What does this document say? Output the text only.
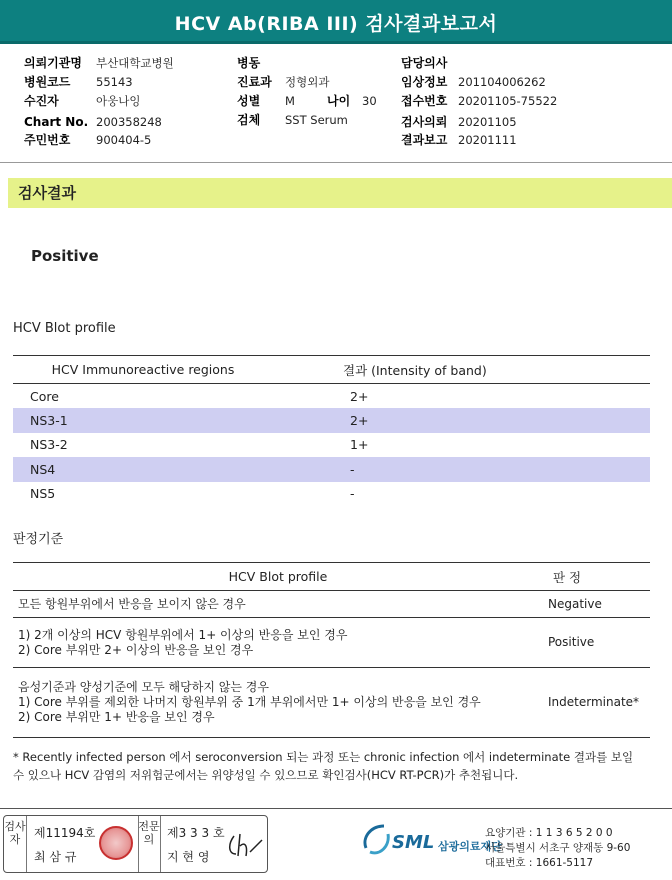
HCV Ab(RIBA III) 검사결과보고서
의뢰기관명 부산대학교병원
병원코드 55143
수진자	아웅나잉
Chart No. 200358248
주민번호 900404-5
병동
진료과 정형외과
성별 M	나이 30
검체 SST Serum
담당의사
임상정보 201104006262
접수번호 20201105-75522
검사의뢰 20201105
결과보고 20201111
검사결과
Positive
HCV Blot profile
HCV Immunoreactive regions	결과 (Intensity of band)
Core	2+
NS3-1	2+
NS3-2	1+
NS4	-
NS5	-
판정기준
HCV Blot profile	판 정

모든 항원부위에서 반응을 보이지 않은 경우	Negative

1) 2개 이상의 HCV 항원부위에서 1+ 이상의 반응을 보인 경우
2) Core 부위만 2+ 이상의 반응을 보인 경우	Positive

음성기준과 양성기준에 모두 해당하지 않는 경우
1) Core 부위를 제외한 나머지 항원부위 중 1개 부위에서만 1+ 이상의 반응을 보인 경우
2) Core 부위만 1+ 반응을 보인 경우	Indeterminate*
* Recently infected person 에서 seroconversion 되는 과정 또는 chronic infection 에서 indeterminate 결과를 보일
수 있으나 HCV 감염의 저위험군에서는 위양성일 수 있으므로 확인검사(HCV RT-PCR)가 추천됩니다.
검사자	제11194호
최 삼 규
전문의	제3 3 3 호
지 현 영
SML 삼광의료재단
요양기관 : 1 1 3 6 5 2 0 0
서울특별시 서초구 양재동 9-60
대표번호 : 1661-5117
